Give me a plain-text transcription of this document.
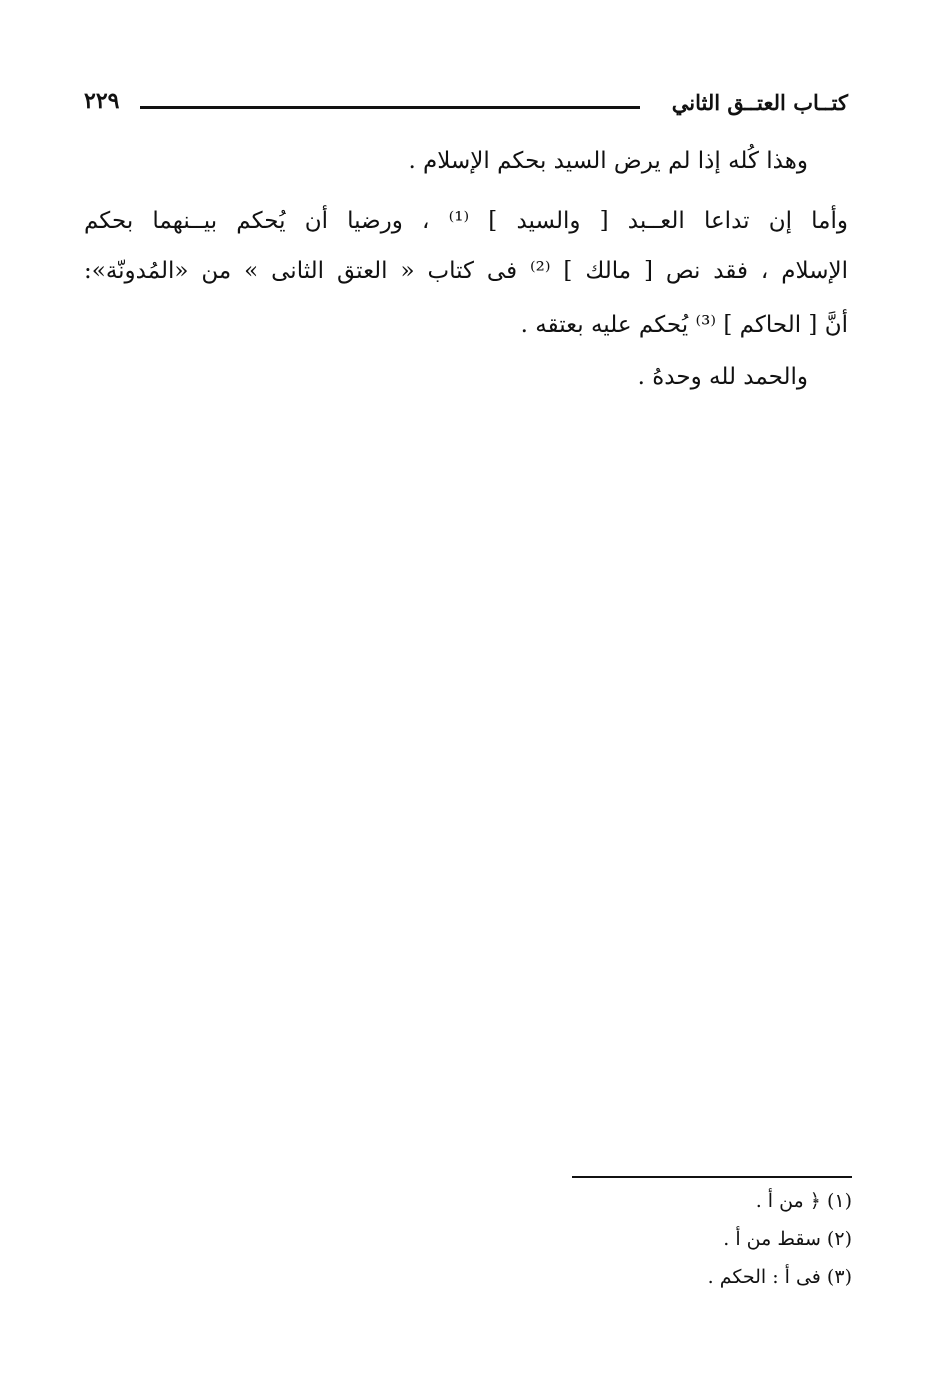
كتــاب العتــق الثاني
٢٢٩
وهذا كُله إذا لم يرض السيد بحكم الإسلام .
وأما إن تداعا العــبد [ والسيد ] ⁽¹⁾ ، ورضيا أن يُحكم بيــنهما بحكم
الإسلام ، فقد نص [ مالك ] ⁽²⁾ فى كتاب « العتق الثانى » من «المُدونّة»:
أنَّ [ الحاكم ] ⁽³⁾ يُحكم عليه بعتقه .
والحمد لله وحدهُ .
(١) ﴿ من أ .
(٢) سقط من أ .
(٣) فى أ : الحكم .
